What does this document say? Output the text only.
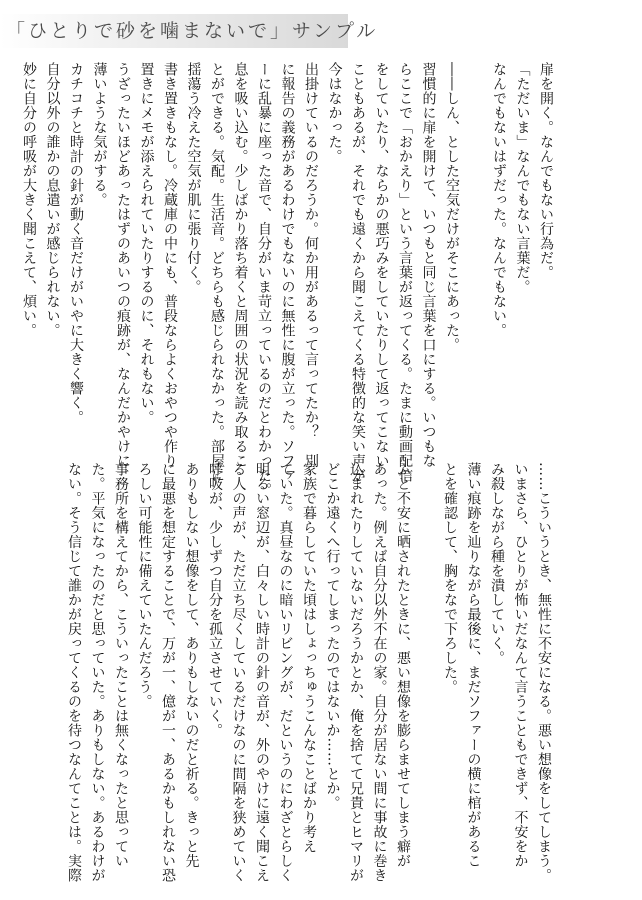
「ひとりで砂を噛まないで」サンプル

扉を開く。なんでもない行為だ。

「ただいま」なんでもない言葉だ。

なんでもないはずだった。なんでもない。

――しん、とした空気だけがそこにあった。

習慣的に扉を開けて、いつもと同じ言葉を口にする。いつもな

らここで「おかえり」という言葉が返ってくる。たまに動画配信

をしていたり、ならかの悪巧みをしていたりして返ってこない

こともあるが、それでも遠くから聞こえてくる特徴的な笑い声が

今はなかった。

出掛けているのだろうか。何か用があるって言ってたか？　別

に報告の義務があるわけでもないのに無性に腹が立った。ソファ

ーに乱暴に座った音で、自分がいま苛立っているのだとわかった。

息を吸い込む。少しばかり落ち着くと周囲の状況を読み取るこ

とができる。気配。生活音。どちらも感じられなかった。部屋に

揺蕩う冷えた空気が肌に張り付く。

書き置きもなし。冷蔵庫の中にも、普段ならよくおやつや作り

置きにメモが添えられていたりするのに、それもない。

うざったいほどあったはずのあいつの痕跡が、なんだかやけに

薄いような気がする。

カチコチと時計の針が動く音だけがいやに大きく響く。

自分以外の誰かの息遣いが感じられない。

妙に自分の呼吸が大きく聞こえて、煩い。

……こういうとき、無性に不安になる。悪い想像をしてしまう。

いまさら、ひとりが怖いだなんて言うこともできず、不安をか

み殺しながら種を潰していく。

薄い痕跡を辿りながら最後に、まだソファーの横に棺があるこ

とを確認して、胸をなで下ろした。

ふと不安に晒されたときに、悪い想像を膨らませてしまう癖が

あった。例えば自分以外不在の家。自分が居ない間に事故に巻き

込まれたりしていないだろうかとか、俺を捨てて兄貴とヒマリが

どこか遠くへ行ってしまったのではないか……とか。

家族で暮らしていた頃はしょっちゅうこんなことばかり考え

ていた。真昼なのに暗いリビングが、だというのにわざとらしく

明るい窓辺が、白々しい時計の針の音が、外のやけに遠く聞こえ

る人の声が、ただ立ち尽くしているだけなのに間隔を狭めていく

呼吸が、少しずつ自分を孤立させていく。

ありもしない想像をして、ありもしないのだと祈る。きっと先

に最悪を想定することで、万が一、億が一、あるかもしれない恐

ろしい可能性に備えていたんだろう。

事務所を構えてから、こういったことは無くなったと思ってい

た。平気になったのだと思っていた。ありもしない。あるわけが

ない。そう信じて誰かが戻ってくるのを待つなんてことは。実際
